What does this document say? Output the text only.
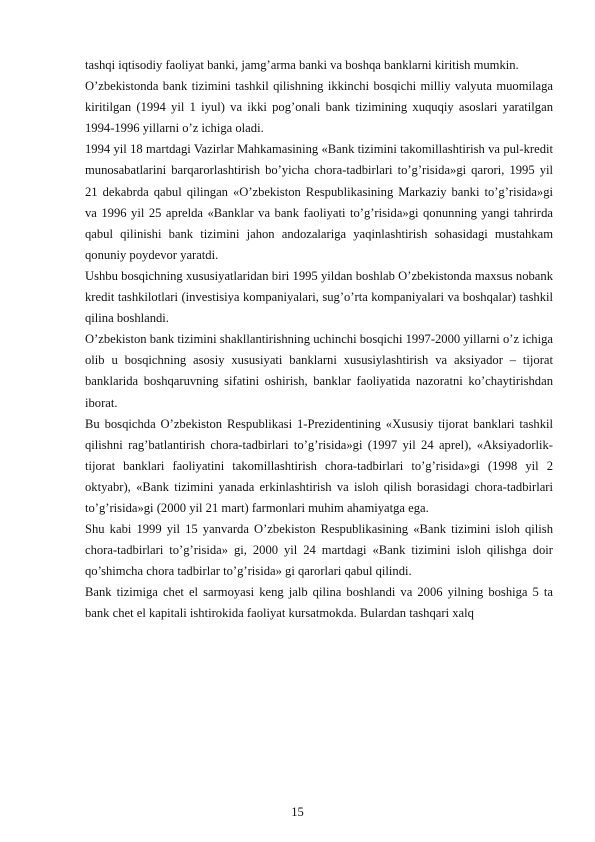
tashqi iqtisodiy faoliyat banki, jamg’arma banki va boshqa banklarni kiritish mumkin.

O’zbekistonda bank tizimini tashkil qilishning ikkinchi bosqichi milliy valyuta muomilaga kiritilgan (1994 yil 1 iyul) va ikki pog’onali bank tizimining xuquqiy asoslari yaratilgan 1994-1996 yillarni o’z ichiga oladi.

1994 yil 18 martdagi Vazirlar Mahkamasining «Bank tizimini takomillashtirish va pul-kredit munosabatlarini barqarorlashtirish bo’yicha chora-tadbirlari to’g’risida»gi qarori, 1995 yil 21 dekabrda qabul qilingan «O’zbekiston Respublikasining Markaziy banki to’g’risida»gi va 1996 yil 25 aprelda «Banklar va bank faoliyati to’g’risida»gi qonunning yangi tahrirda qabul qilinishi bank tizimini jahon andozalariga yaqinlashtirish sohasidagi mustahkam qonuniy poydevor yaratdi.

Ushbu bosqichning xususiyatlaridan biri 1995 yildan boshlab O’zbekistonda maxsus nobank kredit tashkilotlari (investisiya kompaniyalari, sug’o’rta kompaniyalari va boshqalar) tashkil qilina boshlandi.

O’zbekiston bank tizimini shakllantirishning uchinchi bosqichi 1997-2000 yillarni o’z ichiga olib u bosqichning asosiy xususiyati banklarni xususiylashtirish va aksiyador – tijorat banklarida boshqaruvning sifatini oshirish, banklar faoliyatida nazoratni ko’chaytirishdan iborat.

Bu bosqichda O’zbekiston Respublikasi 1-Prezidentining «Xususiy tijorat banklari tashkil qilishni rag’batlantirish chora-tadbirlari to’g’risida»gi (1997 yil 24 aprel), «Aksiyadorlik-tijorat banklari faoliyatini takomillashtirish chora-tadbirlari to’g’risida»gi (1998 yil 2 oktyabr), «Bank tizimini yanada erkinlashtirish va isloh qilish borasidagi chora-tadbirlari to’g’risida»gi (2000 yil 21 mart) farmonlari muhim ahamiyatga ega.

Shu kabi 1999 yil 15 yanvarda O’zbekiston Respublikasining «Bank tizimini isloh qilish chora-tadbirlari to’g’risida» gi, 2000 yil 24 martdagi «Bank tizimini isloh qilishga doir qo’shimcha chora tadbirlar to’g’risida» gi qarorlari qabul qilindi.

Bank tizimiga chet el sarmoyasi keng jalb qilina boshlandi va 2006 yilning boshiga 5 ta bank chet el kapitali ishtirokida faoliyat kursatmokda. Bulardan tashqari xalq

15
